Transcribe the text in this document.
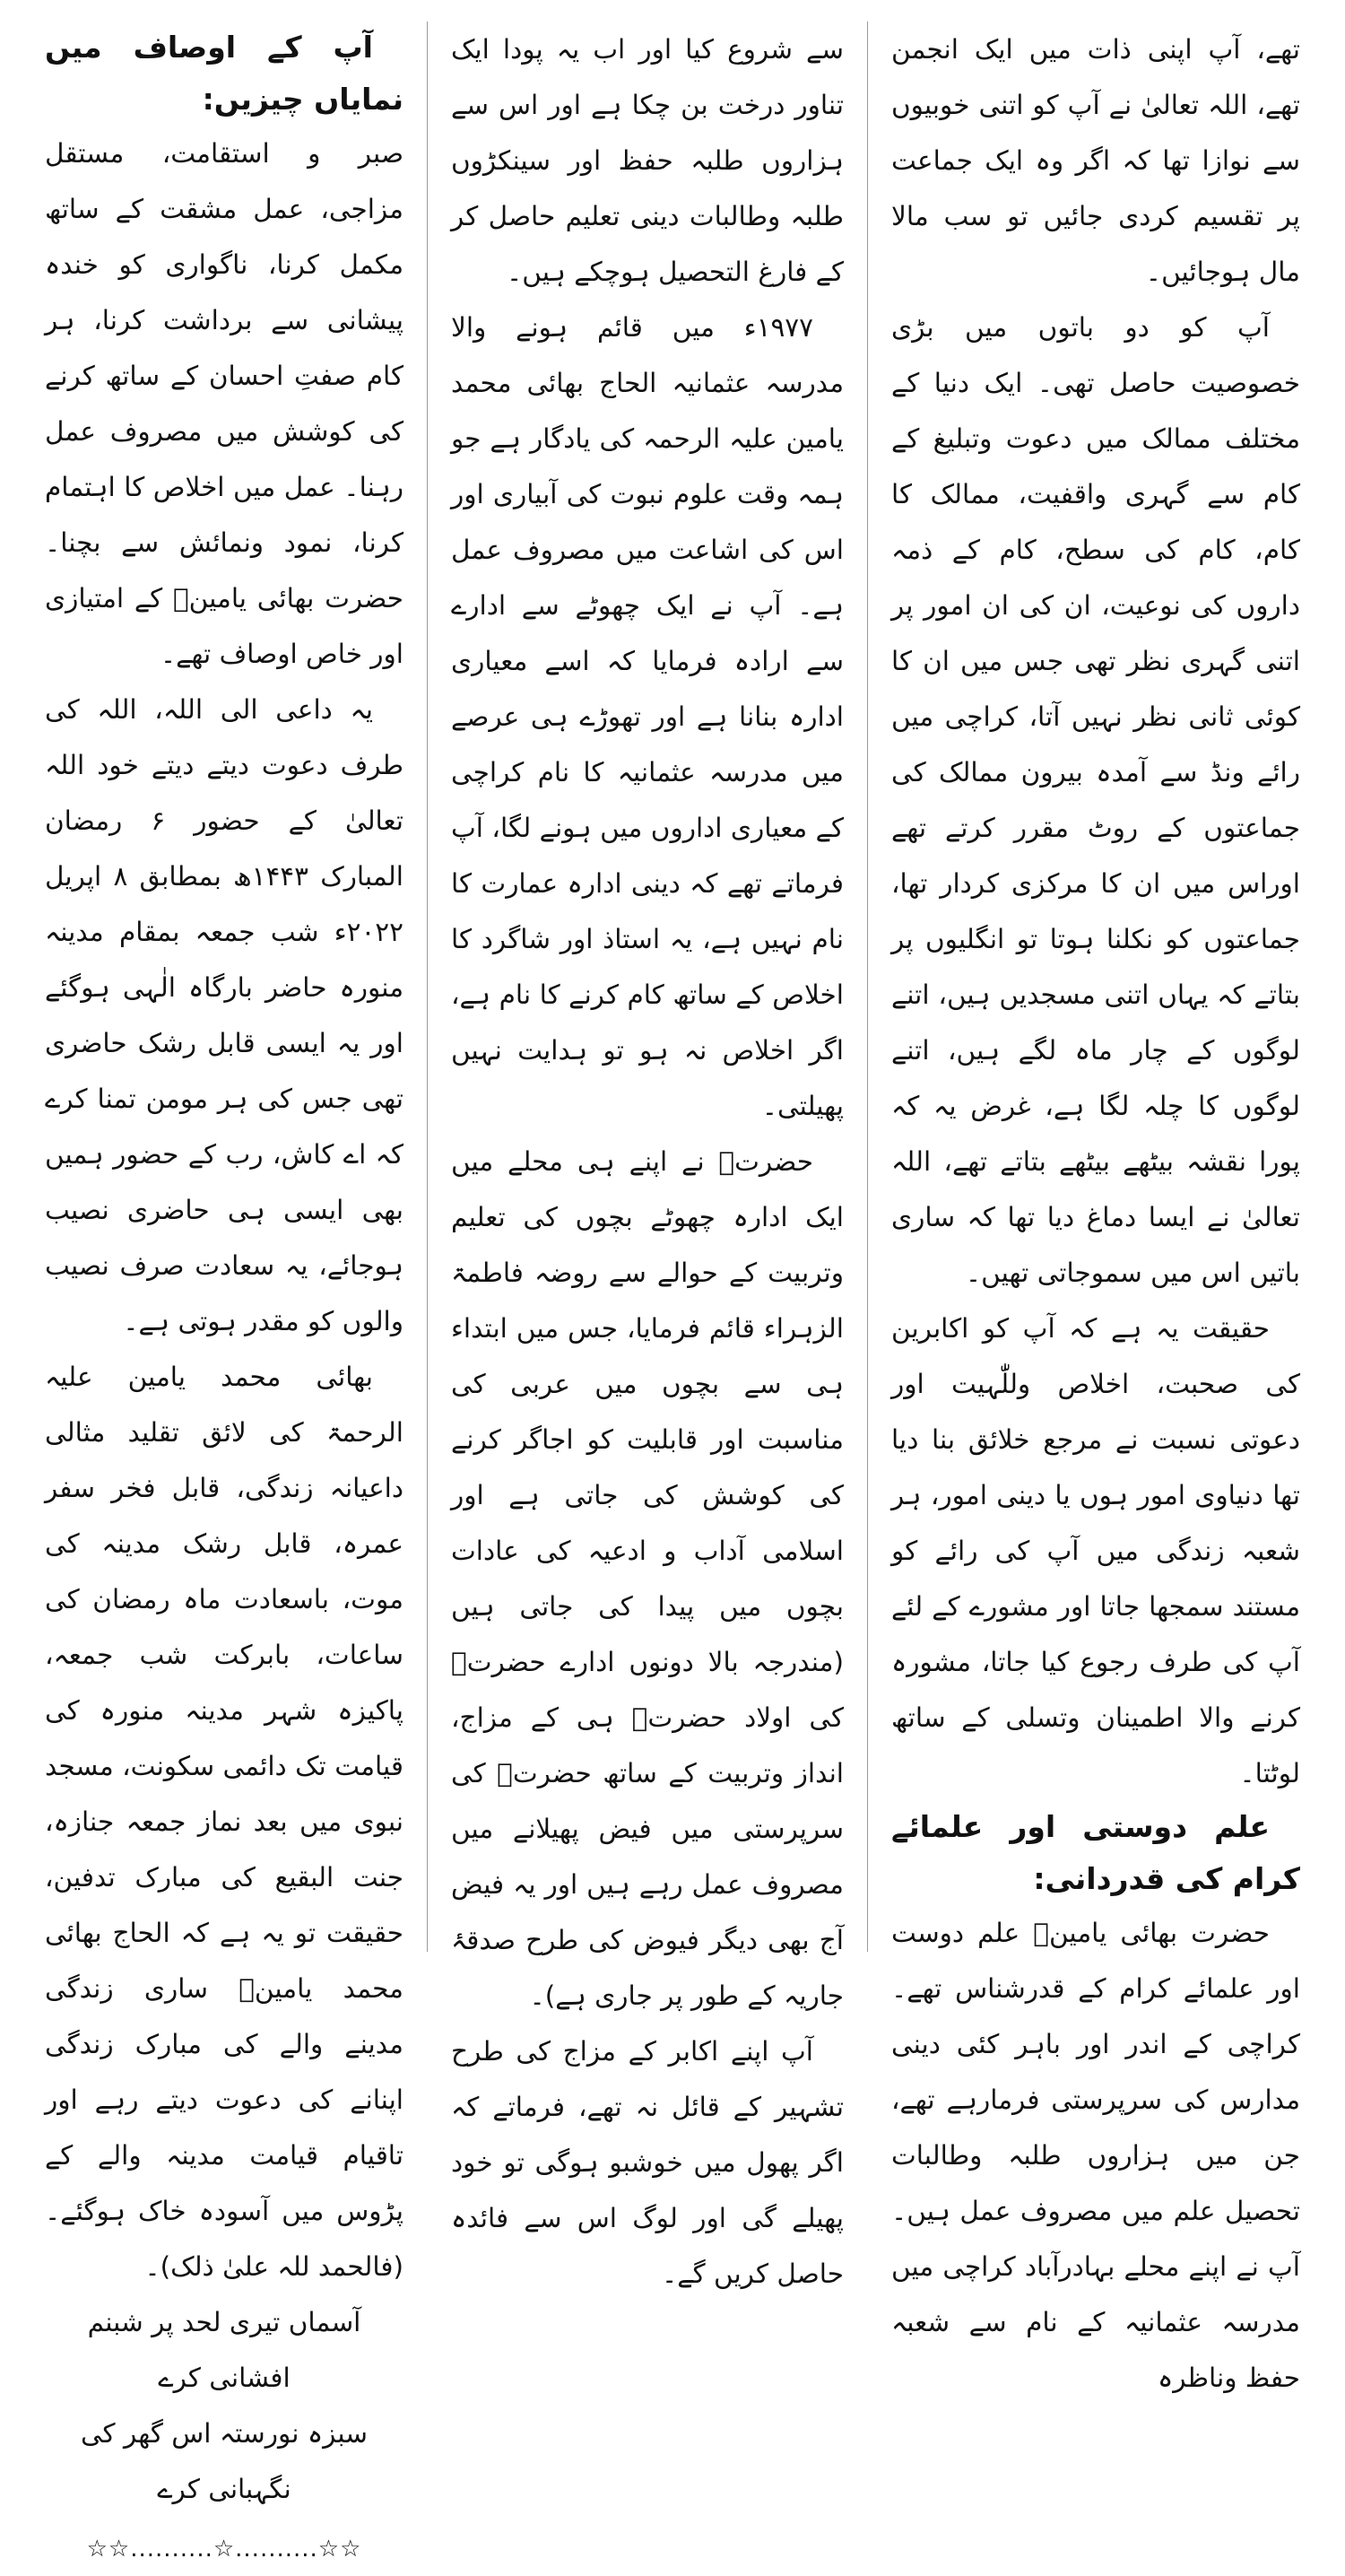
تھے، آپ اپنی ذات میں ایک انجمن تھے، اللہ تعالیٰ نے آپ کو اتنی خوبیوں سے نوازا تھا کہ اگر وہ ایک جماعت پر تقسیم کردی جائیں تو سب مالا مال ہوجائیں۔

آپ کو دو باتوں میں بڑی خصوصیت حاصل تھی۔ ایک دنیا کے مختلف ممالک میں دعوت وتبلیغ کے کام سے گہری واقفیت، ممالک کا کام، کام کی سطح، کام کے ذمہ داروں کی نوعیت، ان کی ان امور پر اتنی گہری نظر تھی جس میں ان کا کوئی ثانی نظر نہیں آتا، کراچی میں رائے ونڈ سے آمدہ بیرون ممالک کی جماعتوں کے روٹ مقرر کرتے تھے اوراس میں ان کا مرکزی کردار تھا، جماعتوں کو نکلنا ہوتا تو انگلیوں پر بتاتے کہ یہاں اتنی مسجدیں ہیں، اتنے لوگوں کے چار ماہ لگے ہیں، اتنے لوگوں کا چلہ لگا ہے، غرض یہ کہ پورا نقشہ بیٹھے بیٹھے بتاتے تھے، اللہ تعالیٰ نے ایسا دماغ دیا تھا کہ ساری باتیں اس میں سموجاتی تھیں۔

حقیقت یہ ہے کہ آپ کو اکابرین کی صحبت، اخلاص وللّٰہیت اور دعوتی نسبت نے مرجع خلائق بنا دیا تھا دنیاوی امور ہوں یا دینی امور، ہر شعبہ زندگی میں آپ کی رائے کو مستند سمجھا جاتا اور مشورے کے لئے آپ کی طرف رجوع کیا جاتا، مشورہ کرنے والا اطمینان وتسلی کے ساتھ لوٹتا۔

علم دوستی اور علمائے کرام کی قدردانی:

حضرت بھائی یامینؒ علم دوست اور علمائے کرام کے قدرشناس تھے۔ کراچی کے اندر اور باہر کئی دینی مدارس کی سرپرستی فرمارہے تھے، جن میں ہزاروں طلبہ وطالبات تحصیل علم میں مصروف عمل ہیں۔ آپ نے اپنے محلے بہادرآباد کراچی میں مدرسہ عثمانیہ کے نام سے شعبہ حفظ وناظرہ

سے شروع کیا اور اب یہ پودا ایک تناور درخت بن چکا ہے اور اس سے ہزاروں طلبہ حفظ اور سینکڑوں طلبہ وطالبات دینی تعلیم حاصل کر کے فارغ التحصیل ہوچکے ہیں۔

۱۹۷۷ء میں قائم ہونے والا مدرسہ عثمانیہ الحاج بھائی محمد یامین علیہ الرحمہ کی یادگار ہے جو ہمہ وقت علوم نبوت کی آبیاری اور اس کی اشاعت میں مصروف عمل ہے۔ آپ نے ایک چھوٹے سے ادارے سے ارادہ فرمایا کہ اسے معیاری ادارہ بنانا ہے اور تھوڑے ہی عرصے میں مدرسہ عثمانیہ کا نام کراچی کے معیاری اداروں میں ہونے لگا، آپ فرماتے تھے کہ دینی ادارہ عمارت کا نام نہیں ہے، یہ استاذ اور شاگرد کا اخلاص کے ساتھ کام کرنے کا نام ہے، اگر اخلاص نہ ہو تو ہدایت نہیں پھیلتی۔

حضرتؒ نے اپنے ہی محلے میں ایک ادارہ چھوٹے بچوں کی تعلیم وتربیت کے حوالے سے روضہ فاطمۃ الزہراء قائم فرمایا، جس میں ابتداء ہی سے بچوں میں عربی کی مناسبت اور قابلیت کو اجاگر کرنے کی کوشش کی جاتی ہے اور اسلامی آداب و ادعیہ کی عادات بچوں میں پیدا کی جاتی ہیں (مندرجہ بالا دونوں ادارے حضرتؒ کی اولاد حضرتؒ ہی کے مزاج، انداز وتربیت کے ساتھ حضرتؒ کی سرپرستی میں فیض پھیلانے میں مصروف عمل رہے ہیں اور یہ فیض آج بھی دیگر فیوض کی طرح صدقۂ جاریہ کے طور پر جاری ہے)۔

آپ اپنے اکابر کے مزاج کی طرح تشہیر کے قائل نہ تھے، فرماتے کہ اگر پھول میں خوشبو ہوگی تو خود پھیلے گی اور لوگ اس سے فائدہ حاصل کریں گے۔

آپ کے اوصاف میں نمایاں چیزیں:

صبر و استقامت، مستقل مزاجی، عمل مشقت کے ساتھ مکمل کرنا، ناگواری کو خندہ پیشانی سے برداشت کرنا، ہر کام صفتِ احسان کے ساتھ کرنے کی کوشش میں مصروف عمل رہنا۔ عمل میں اخلاص کا اہتمام کرنا، نمود ونمائش سے بچنا۔ حضرت بھائی یامینؒ کے امتیازی اور خاص اوصاف تھے۔

یہ داعی الی اللہ، اللہ کی طرف دعوت دیتے دیتے خود اللہ تعالیٰ کے حضور ۶ رمضان المبارک ۱۴۴۳ھ بمطابق ۸ اپریل ۲۰۲۲ء شب جمعہ بمقام مدینہ منورہ حاضر بارگاہ الٰہی ہوگئے اور یہ ایسی قابل رشک حاضری تھی جس کی ہر مومن تمنا کرے کہ اے کاش، رب کے حضور ہمیں بھی ایسی ہی حاضری نصیب ہوجائے، یہ سعادت صرف نصیب والوں کو مقدر ہوتی ہے۔

بھائی محمد یامین علیہ الرحمۃ کی لائق تقلید مثالی داعیانہ زندگی، قابل فخر سفر عمرہ، قابل رشک مدینہ کی موت، باسعادت ماہ رمضان کی ساعات، بابرکت شب جمعہ، پاکیزہ شہر مدینہ منورہ کی قیامت تک دائمی سکونت، مسجد نبوی میں بعد نماز جمعہ جنازہ، جنت البقیع کی مبارک تدفین، حقیقت تو یہ ہے کہ الحاج بھائی محمد یامینؒ ساری زندگی مدینے والے کی مبارک زندگی اپنانے کی دعوت دیتے رہے اور تاقیام قیامت مدینہ والے کے پڑوس میں آسودہ خاک ہوگئے۔ (فالحمد للہ علیٰ ذلک)۔

آسماں تیری لحد پر شبنم افشانی کرے

سبزہ نورستہ اس گھر کی نگہبانی کرے

☆☆..........☆..........☆☆
